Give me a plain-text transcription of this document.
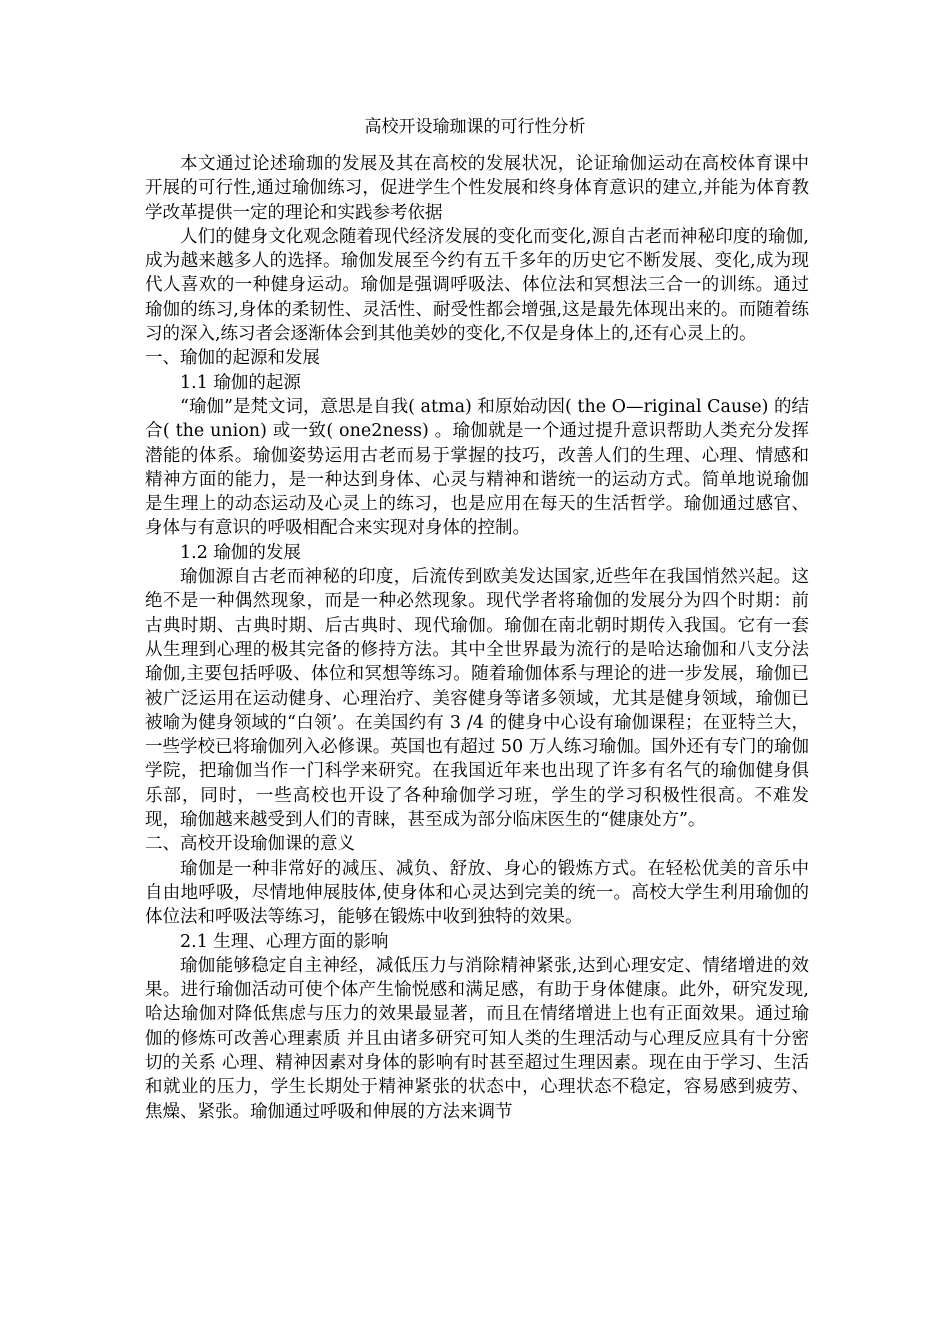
高校开设瑜珈课的可行性分析

本文通过论述瑜珈的发展及其在高校的发展状况，论证瑜伽运动在高校体育课中开展的可行性,通过瑜伽练习，促进学生个性发展和终身体育意识的建立,并能为体育教学改革提供一定的理论和实践参考依据

人们的健身文化观念随着现代经济发展的变化而变化,源自古老而神秘印度的瑜伽,成为越来越多人的选择。瑜伽发展至今约有五千多年的历史它不断发展、变化,成为现代人喜欢的一种健身运动。瑜伽是强调呼吸法、体位法和冥想法三合一的训练。通过瑜伽的练习,身体的柔韧性、灵活性、耐受性都会增强,这是最先体现出来的。而随着练习的深入,练习者会逐渐体会到其他美妙的变化,不仅是身体上的,还有心灵上的。

一、瑜伽的起源和发展

1.1 瑜伽的起源

“瑜伽”是梵文词，意思是自我( atma) 和原始动因( the O—riginal Cause) 的结合( the union) 或一致( one2ness) 。瑜伽就是一个通过提升意识帮助人类充分发挥潜能的体系。瑜伽姿势运用古老而易于掌握的技巧，改善人们的生理、心理、情感和精神方面的能力，是一种达到身体、心灵与精神和谐统一的运动方式。简单地说瑜伽是生理上的动态运动及心灵上的练习，也是应用在每天的生活哲学。瑜伽通过感官、身体与有意识的呼吸相配合来实现对身体的控制。

1.2 瑜伽的发展

瑜伽源自古老而神秘的印度，后流传到欧美发达国家,近些年在我国悄然兴起。这绝不是一种偶然现象，而是一种必然现象。现代学者将瑜伽的发展分为四个时期：前古典时期、古典时期、后古典时、现代瑜伽。瑜伽在南北朝时期传入我国。它有一套从生理到心理的极其完备的修持方法。其中全世界最为流行的是哈达瑜伽和八支分法瑜伽,主要包括呼吸、体位和冥想等练习。随着瑜伽体系与理论的进一步发展，瑜伽已被广泛运用在运动健身、心理治疗、美容健身等诸多领域，尤其是健身领域，瑜伽已被喻为健身领域的“白领’。在美国约有 3 /4 的健身中心设有瑜伽课程；在亚特兰大，一些学校已将瑜伽列入必修课。英国也有超过 50 万人练习瑜伽。国外还有专门的瑜伽学院，把瑜伽当作一门科学来研究。在我国近年来也出现了许多有名气的瑜伽健身俱乐部，同时，一些高校也开设了各种瑜伽学习班，学生的学习积极性很高。不难发现，瑜伽越来越受到人们的青睐，甚至成为部分临床医生的“健康处方”。

二、高校开设瑜伽课的意义

瑜伽是一种非常好的减压、减负、舒放、身心的锻炼方式。在轻松优美的音乐中自由地呼吸，尽情地伸展肢体,使身体和心灵达到完美的统一。高校大学生利用瑜伽的体位法和呼吸法等练习，能够在锻炼中收到独特的效果。

2.1 生理、心理方面的影响

瑜伽能够稳定自主神经，减低压力与消除精神紧张,达到心理安定、情绪增进的效果。进行瑜伽活动可使个体产生愉悦感和满足感，有助于身体健康。此外，研究发现,哈达瑜伽对降低焦虑与压力的效果最显著，而且在情绪增进上也有正面效果。通过瑜伽的修炼可改善心理素质 并且由诸多研究可知人类的生理活动与心理反应具有十分密切的关系 心理、精神因素对身体的影响有时甚至超过生理因素。现在由于学习、生活和就业的压力，学生长期处于精神紧张的状态中，心理状态不稳定，容易感到疲劳、焦燥、紧张。瑜伽通过呼吸和伸展的方法来调节
